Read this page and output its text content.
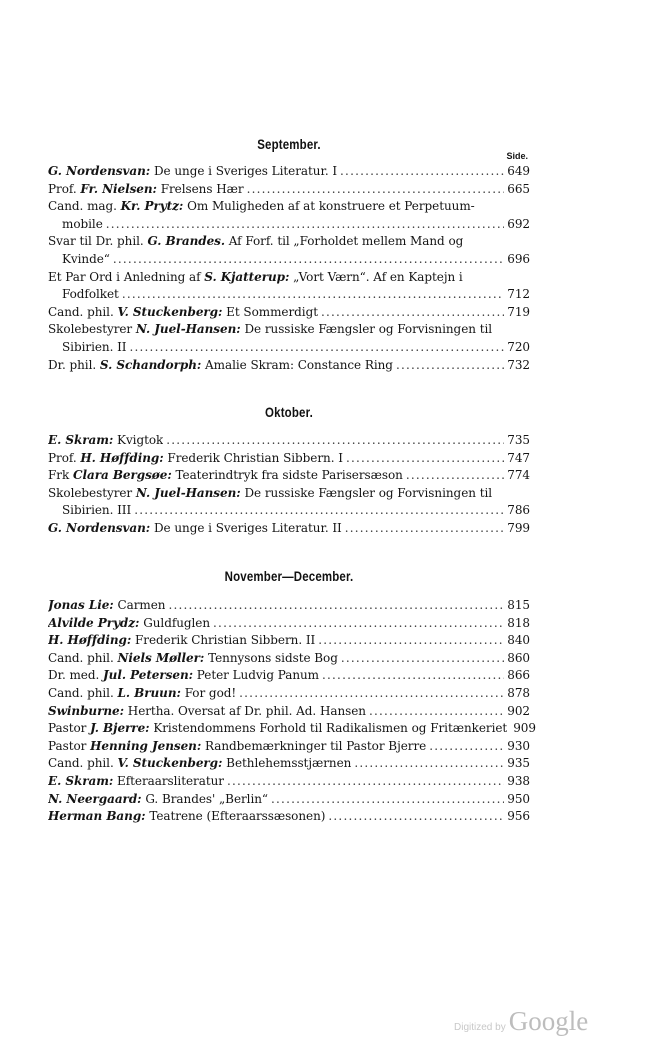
September.
Side.
G. Nordensvan: De unge i Sveriges Literatur. I .....	649
Prof. Fr. Nielsen: Frelsens Hær .....	665
Cand. mag. Kr. Prytz: Om Muligheden af at konstruere et Perpetuum-
mobile .....	692
Svar til Dr. phil. G. Brandes. Af Forf. til „Forholdet mellem Mand og
Kvinde“ .....	696
Et Par Ord i Anledning af S. Kjatterup: „Vort Værn“. Af en Kaptejn i
Fodfolket .....	712
Cand. phil. V. Stuckenberg: Et Sommerdigt .....	719
Skolebestyrer N. Juel-Hansen: De russiske Fængsler og Forvisningen til
Sibirien. II .....	720
Dr. phil. S. Schandorph: Amalie Skram: Constance Ring .....	732
Oktober.
E. Skram: Kvigtok .....	735
Prof. H. Høffding: Frederik Christian Sibbern. I .....	747
Frk Clara Bergsøe: Teaterindtryk fra sidste Parisersæson .....	774
Skolebestyrer N. Juel-Hansen: De russiske Fængsler og Forvisningen til
Sibirien. III .....	786
G. Nordensvan: De unge i Sveriges Literatur. II .....	799
November—December.
Jonas Lie: Carmen .....	815
Alvilde Prydz: Guldfuglen .....	818
H. Høffding: Frederik Christian Sibbern. II .....	840
Cand. phil. Niels Møller: Tennysons sidste Bog .....	860
Dr. med. Jul. Petersen: Peter Ludvig Panum .....	866
Cand. phil. L. Bruun: For god! .....	878
Swinburne: Hertha. Oversat af Dr. phil. Ad. Hansen .....	902
Pastor J. Bjerre: Kristendommens Forhold til Radikalismen og Fritænkeriet 909
Pastor Henning Jensen: Randbemærkninger til Pastor Bjerre .....	930
Cand. phil. V. Stuckenberg: Bethlehemsstjærnen .....	935
E. Skram: Efteraarsliteratur .....	938
N. Neergaard: G. Brandes' „Berlin“ .....	950
Herman Bang: Teatrene (Efteraarssæsonen) .....	956
Digitized by Google
